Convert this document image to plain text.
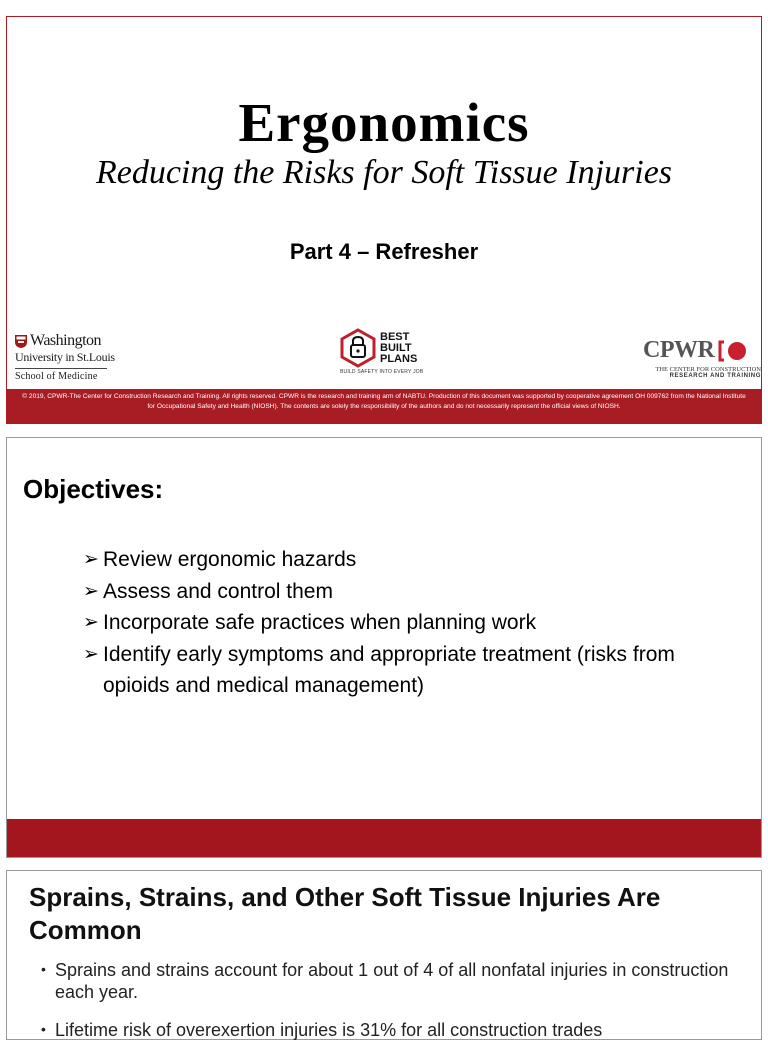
Ergonomics
Reducing the Risks for Soft Tissue Injuries
Part 4 – Refresher
Washington
University in St.Louis
School of Medicine
BEST
BUILT
PLANS
BUILD SAFETY INTO EVERY JOB
CPWR
THE CENTER FOR CONSTRUCTION
RESEARCH AND TRAINING
© 2019, CPWR-The Center for Construction Research and Training. All rights reserved. CPWR is the research and training arm of NABTU. Production of this document was supported by cooperative agreement OH 009762 from the National Institute for Occupational Safety and Health (NIOSH). The contents are solely the responsibility of the authors and do not necessarily represent the official views of NIOSH.
Objectives:
➢ Review ergonomic hazards
➢ Assess and control them
➢ Incorporate safe practices when planning work
➢ Identify early symptoms and appropriate treatment (risks from opioids and medical management)
Sprains, Strains, and Other Soft Tissue Injuries Are Common
• Sprains and strains account for about 1 out of 4 of all nonfatal injuries in construction each year.
• Lifetime risk of overexertion injuries is 31% for all construction trades
